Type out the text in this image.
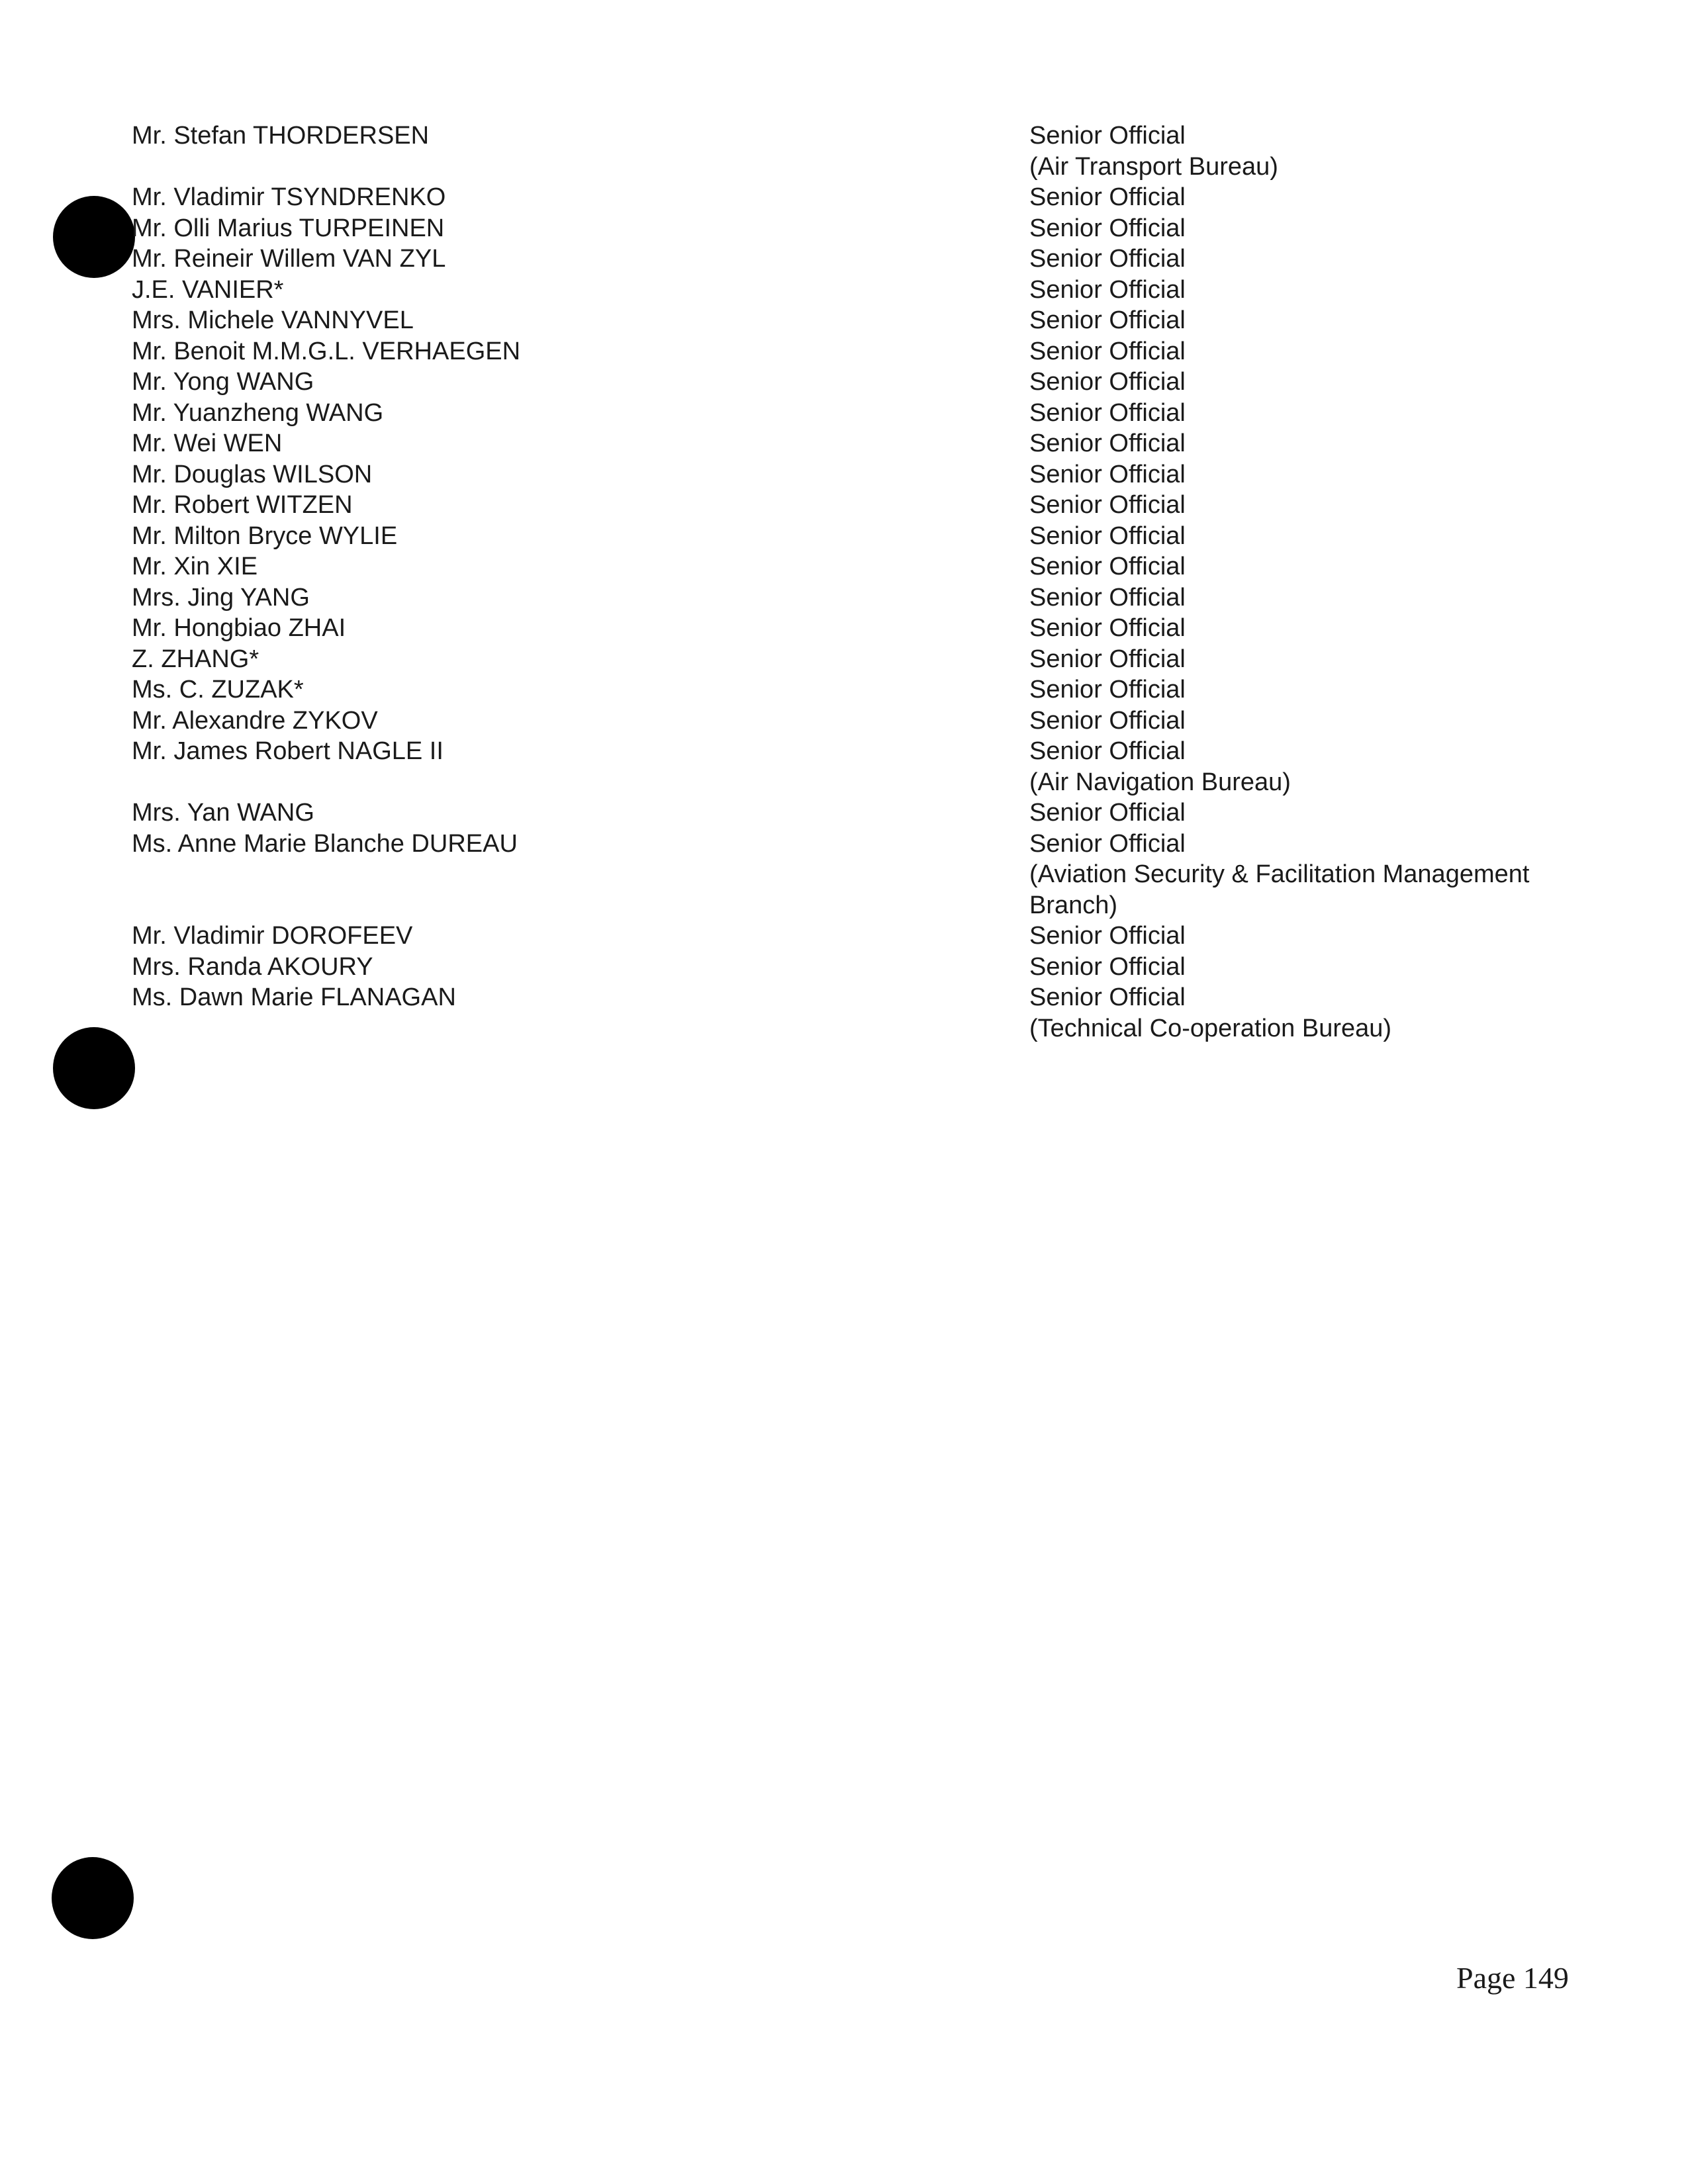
Mr. Stefan THORDERSEN
Mr. Vladimir TSYNDRENKO
Mr. Olli Marius TURPEINEN
Mr. Reineir Willem VAN ZYL
J.E. VANIER*
Mrs. Michele VANNYVEL
Mr. Benoit M.M.G.L. VERHAEGEN
Mr. Yong WANG
Mr. Yuanzheng WANG
Mr. Wei WEN
Mr. Douglas WILSON
Mr. Robert WITZEN
Mr. Milton Bryce WYLIE
Mr. Xin XIE
Mrs. Jing YANG
Mr. Hongbiao ZHAI
Z. ZHANG*
Ms. C. ZUZAK*
Mr. Alexandre ZYKOV
Mr. James Robert NAGLE II
Mrs. Yan WANG
Ms. Anne Marie Blanche DUREAU
Mr. Vladimir DOROFEEV
Mrs. Randa AKOURY
Ms. Dawn Marie FLANAGAN
Senior Official
(Air Transport Bureau)
Senior Official
Senior Official
Senior Official
Senior Official
Senior Official
Senior Official
Senior Official
Senior Official
Senior Official
Senior Official
Senior Official
Senior Official
Senior Official
Senior Official
Senior Official
Senior Official
Senior Official
Senior Official
Senior Official
(Air Navigation Bureau)
Senior Official
Senior Official
(Aviation Security & Facilitation Management
Branch)
Senior Official
Senior Official
Senior Official
(Technical Co-operation Bureau)
Page 149
